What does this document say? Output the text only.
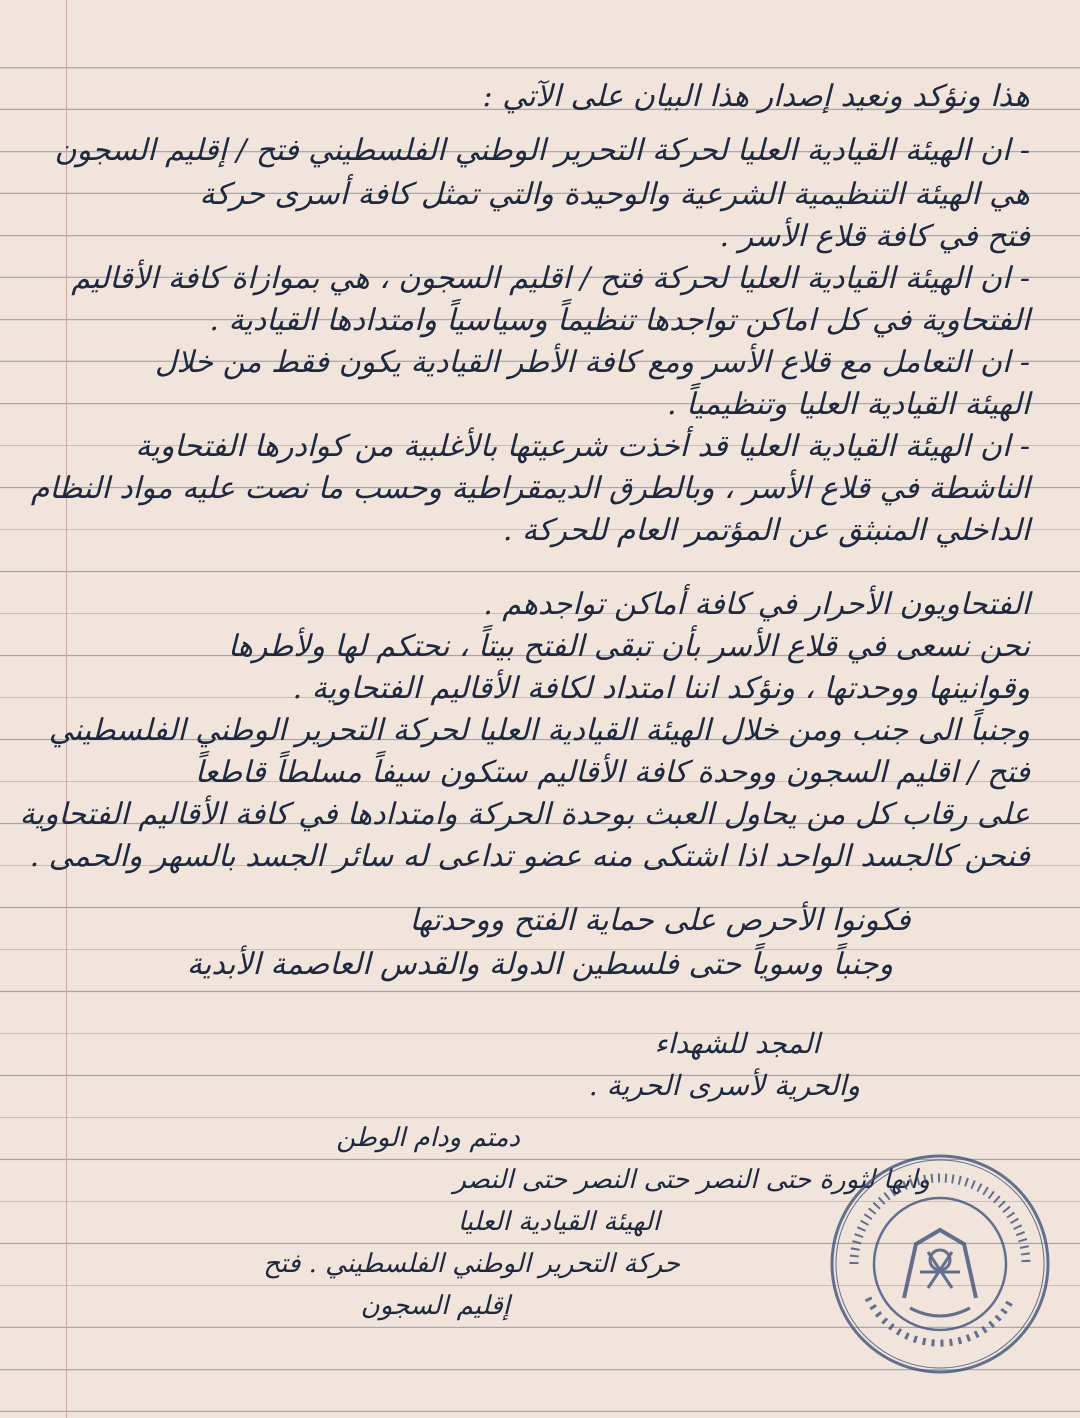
هذا ونؤكد ونعيد إصدار هذا البيان على الآتي :
- ان الهيئة القيادية العليا لحركة التحرير الوطني الفلسطيني فتح / إقليم السجون
هي الهيئة التنظيمية الشرعية والوحيدة والتي تمثل كافة أسرى حركة
فتح في كافة قلاع الأسر .
- ان الهيئة القيادية العليا لحركة فتح / اقليم السجون ، هي بموازاة كافة الأقاليم
الفتحاوية في كل اماكن تواجدها تنظيماً وسياسياً وامتدادها القيادية .
- ان التعامل مع قلاع الأسر ومع كافة الأطر القيادية يكون فقط من خلال
الهيئة القيادية العليا وتنظيمياً .
- ان الهيئة القيادية العليا قد أخذت شرعيتها بالأغلبية من كوادرها الفتحاوية
الناشطة في قلاع الأسر ، وبالطرق الديمقراطية وحسب ما نصت عليه مواد النظام
الداخلي المنبثق عن المؤتمر العام للحركة .
الفتحاويون الأحرار في كافة أماكن تواجدهم .
نحن نسعى في قلاع الأسر بأن تبقى الفتح بيتاً ، نحتكم لها ولأطرها
وقوانينها ووحدتها ، ونؤكد اننا امتداد لكافة الأقاليم الفتحاوية .
وجنباً الى جنب ومن خلال الهيئة القيادية العليا لحركة التحرير الوطني الفلسطيني
فتح / اقليم السجون ووحدة كافة الأقاليم ستكون سيفاً مسلطاً قاطعاً
على رقاب كل من يحاول العبث بوحدة الحركة وامتدادها في كافة الأقاليم الفتحاوية
فنحن كالجسد الواحد اذا اشتكى منه عضو تداعى له سائر الجسد بالسهر والحمى .
فكونوا الأحرص على حماية الفتح ووحدتها
وجنباً وسوياً حتى فلسطين الدولة والقدس العاصمة الأبدية
المجد للشهداء
والحرية لأسرى الحرية .
دمتم ودام الوطن
وانها لثورة حتى النصر حتى النصر حتى النصر
الهيئة القيادية العليا
حركة التحرير الوطني الفلسطيني . فتح
إقليم السجون
